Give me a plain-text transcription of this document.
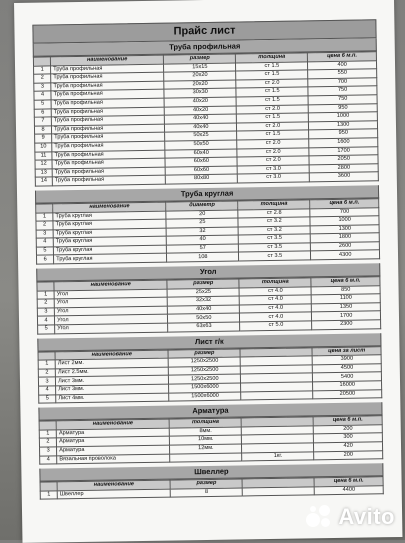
Прайс лист
Труба профильная
	наименование	размер	толщина	цена 6 м.п.
1	Труба профильная	15х15	ст 1.5	400
2	Труба профильная	20х20	ст 1.5	550
3	Труба профильная	20х20	ст 2.0	700
4	Труба профильная	30х30	ст 1.5	750
5	Труба профильная	40х20	ст 1.5	750
6	Труба профильная	40х20	ст 2.0	950
7	Труба профильная	40х40	ст 1.5	1000
8	Труба профильная	40х40	ст 2.0	1300
9	Труба профильная	50х25	ст 1.5	950
10	Труба профильная	50х50	ст 2.0	1600
11	Труба профильная	60х40	ст 2.0	1700
12	Труба профильная	60х60	ст 2.0	2050
13	Труба профильная	60х60	ст 3.0	2800
14	Труба профильная	80х80	ст 3.0	3600
Труба круглая
	наименование	диаметр	толщина	цена 6 м.п.
1	Труба круглая	20	ст 2.8	700
2	Труба круглая	25	ст 3.2	1000
3	Труба круглая	32	ст 3.2	1300
4	Труба круглая	40	ст 3.5	1800
5	Труба круглая	57	ст 3.5	2600
6	Труба круглая	108	ст 3.5	4300
Угол
	наименование	размер	толщина	цена 6 м.п.
1	Угол	25х25	ст 4.0	850
2	Угол	32х32	ст 4.0	1100
3	Угол	40х40	ст 4.0	1350
4	Угол	50х50	ст 4.0	1700
5	Угол	63х63	ст 5.0	2300
Лист г/к
	наименование	размер		цена за лист
1	Лист 2мм.	1250х2500		3900
2	Лист 2.5мм.	1250х2500		4500
3	Лист 3мм.	1250х2500		5400
4	Лист 3мм.	1500х6000		16000
5	Лист 4мм.	1500х6000		20500
Арматура
	наименование	толщина		цена 6 м.п.
1	Арматура	8мм.		200
2	Арматура	10мм.		300
3	Арматура	12мм.		420
4	Вязальная проволока		1кг.	200
Швеллер
	наименование	размер		цена 6 м.п.
1	Швеллер	8		4400
Avito
